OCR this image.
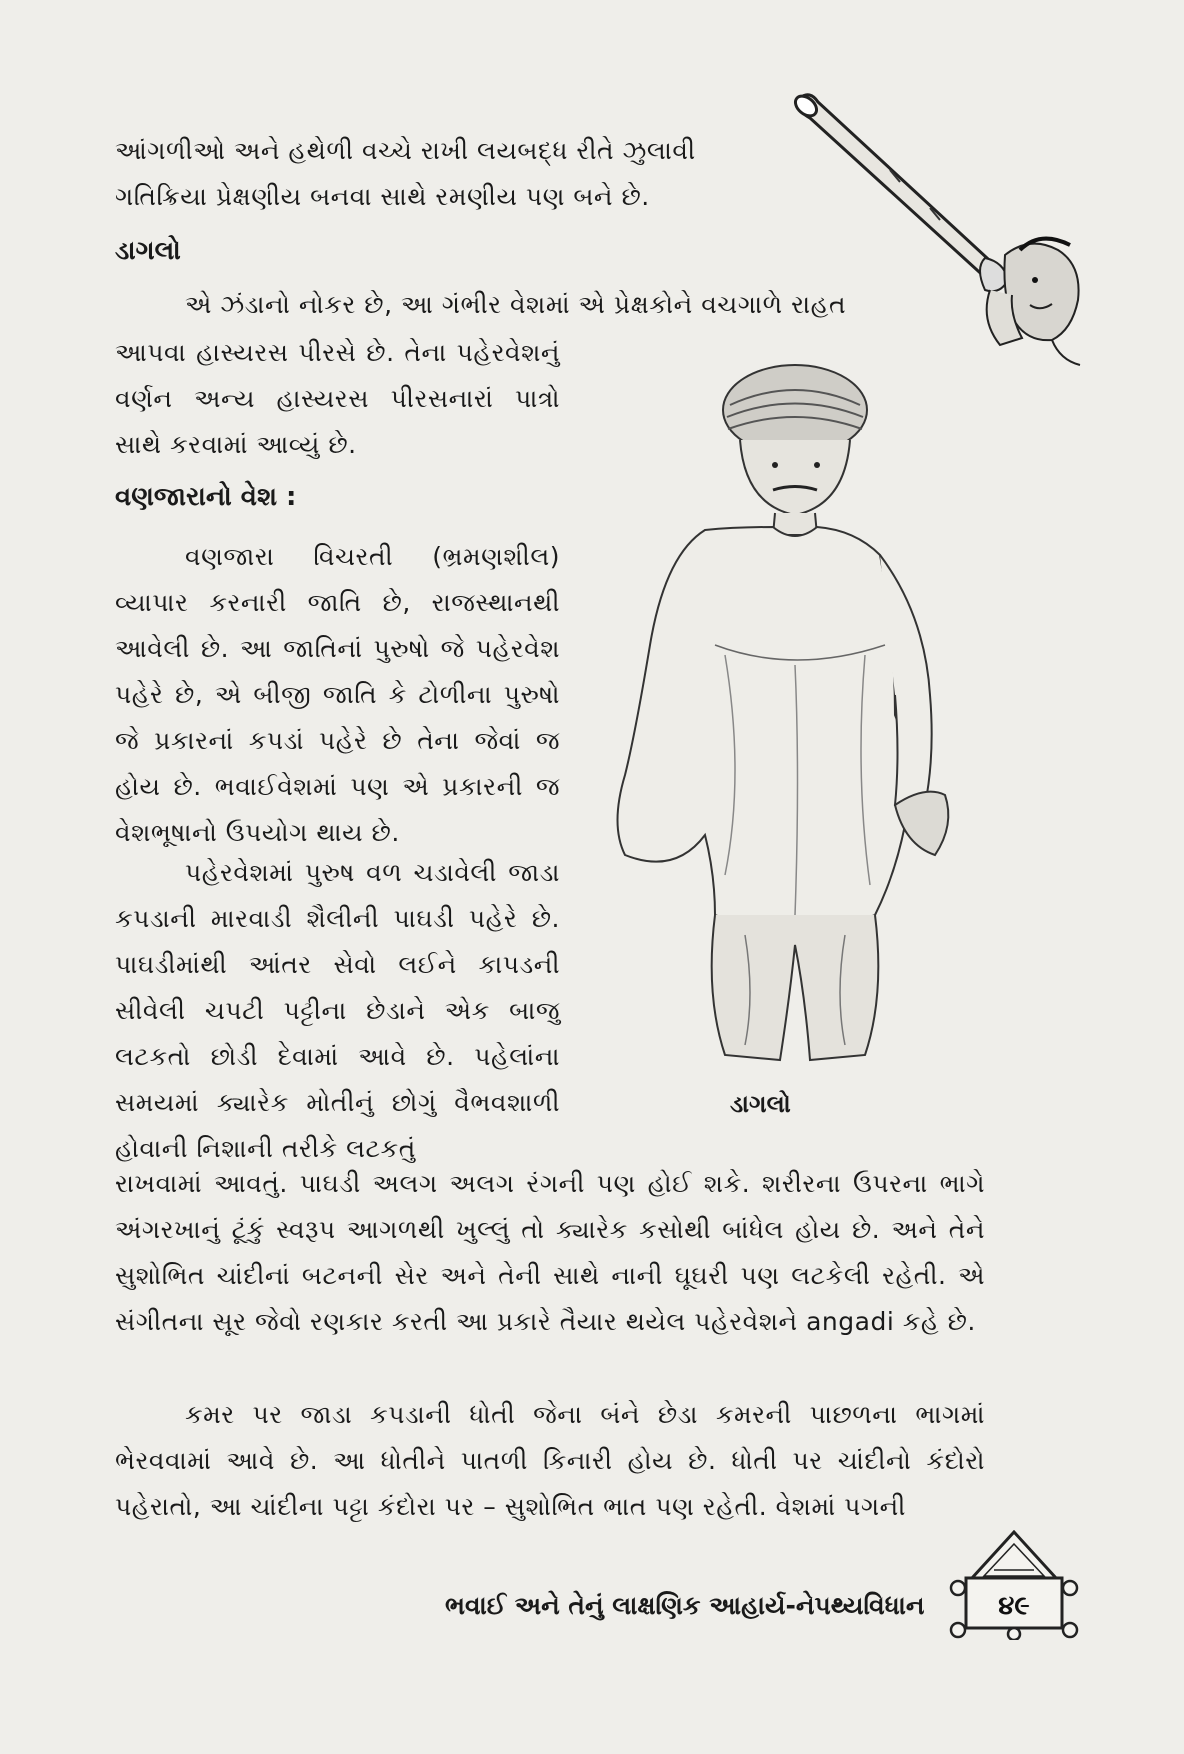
આંગળીઓ અને હથેળી વચ્ચે રાખી લયબદ્ધ રીતે ઝુલાવી ગતિક્રિયા પ્રેક્ષણીય બનવા સાથે રમણીય પણ બને છે.

ડાગલો

એ ઝંડાનો નોકર છે, આ ગંભીર વેશમાં એ પ્રેક્ષકોને વચગાળે રાહત

આપવા હાસ્યરસ પીરસે છે. તેના પહેરવેશનું વર્ણન અન્ય હાસ્યરસ પીરસનારાં પાત્રો સાથે કરવામાં આવ્યું છે.

વણજારાનો વેશ :

વણજારા વિચરતી (ભ્રમણશીલ) વ્યાપાર કરનારી જાતિ છે, રાજસ્થાનથી આવેલી છે. આ જાતિનાં પુરુષો જે પહેરવેશ પહેરે છે, એ બીજી જાતિ કે ટોળીના પુરુષો જે પ્રકારનાં કપડાં પહેરે છે તેના જેવાં જ હોય છે. ભવાઈવેશમાં પણ એ પ્રકારની જ વેશભૂષાનો ઉપયોગ થાય છે.

પહેરવેશમાં પુરુષ વળ ચડાવેલી જાડા કપડાની મારવાડી શૈલીની પાઘડી પહેરે છે. પાઘડીમાંથી આંતર સેવો લઈને કાપડની સીવેલી ચપટી પટ્ટીના છેડાને એક બાજુ લટકતો છોડી દેવામાં આવે છે. પહેલાંના સમયમાં ક્યારેક મોતીનું છોગું વૈભવશાળી હોવાની નિશાની તરીકે લટકતું

ડાગલો

રાખવામાં આવતું. પાઘડી અલગ અલગ રંગની પણ હોઈ શકે. શરીરના ઉપરના ભાગે અંગરખાનું ટૂંકું સ્વરૂપ આગળથી ખુલ્લું તો ક્યારેક કસોથી બાંધેલ હોય છે. અને તેને સુશોભિત ચાંદીનાં બટનની સેર અને તેની સાથે નાની ઘૂઘરી પણ લટકેલી રહેતી. એ સંગીતના સૂર જેવો રણકાર કરતી આ પ્રકારે તૈયાર થયેલ પહેરવેશને angadi કહે છે.

કમર પર જાડા કપડાની ધોતી જેના બંને છેડા કમરની પાછળના ભાગમાં ભેરવવામાં આવે છે. આ ધોતીને પાતળી કિનારી હોય છે. ધોતી પર ચાંદીનો કંદોરો પહેરાતો, આ ચાંદીના પટ્ટા કંદોરા પર – સુશોભિત ભાત પણ રહેતી. વેશમાં પગની

ભવાઈ અને તેનું લાક્ષણિક આહાર્ય-નેપથ્યવિધાન	૪૯
